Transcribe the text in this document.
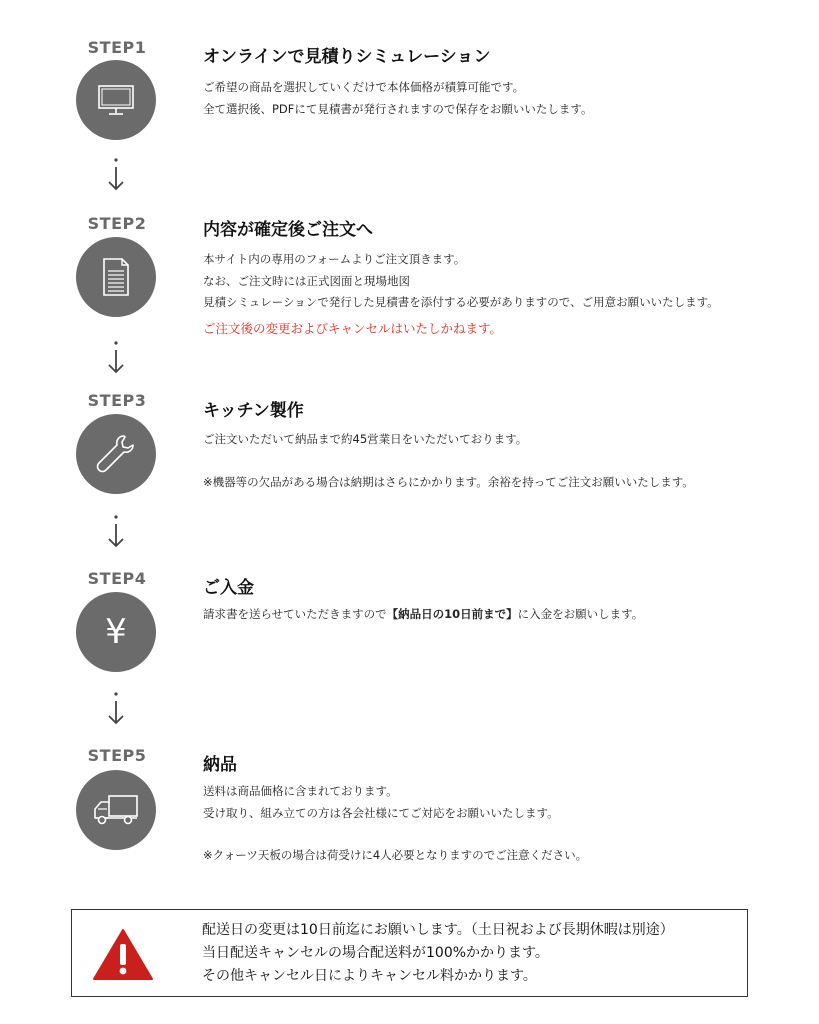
STEP1	オンラインで見積りシミュレーション

ご希望の商品を選択していくだけで本体価格が積算可能です。

全て選択後、PDFにて見積書が発行されますので保存をお願いいたします。

STEP2	内容が確定後ご注文へ

本サイト内の専用のフォームよりご注文頂きます。

なお、ご注文時には正式図面と現場地図

見積シミュレーションで発行した見積書を添付する必要がありますので、ご用意お願いいたします。

ご注文後の変更およびキャンセルはいたしかねます。
STEP3
キッチン製作

ご注文いただいて納品まで約45営業日をいただいております。

※機器等の欠品がある場合は納期はさらにかかります。余裕を持ってご注文お願いいたします。

STEP4
¥
ご入金

請求書を送らせていただきますので【納品日の10日前まで】に入金をお願いします。

STEP5	納品

送料は商品価格に含まれております。

受け取り、組み立ての方は各会社様にてご対応をお願いいたします。

※クォーツ天板の場合は荷受けに4人必要となりますのでご注意ください。

配送日の変更は10日前迄にお願いします。（土日祝および長期休暇は別途）

当日配送キャンセルの場合配送料が100%かかります。

その他キャンセル日によりキャンセル料かかります。
